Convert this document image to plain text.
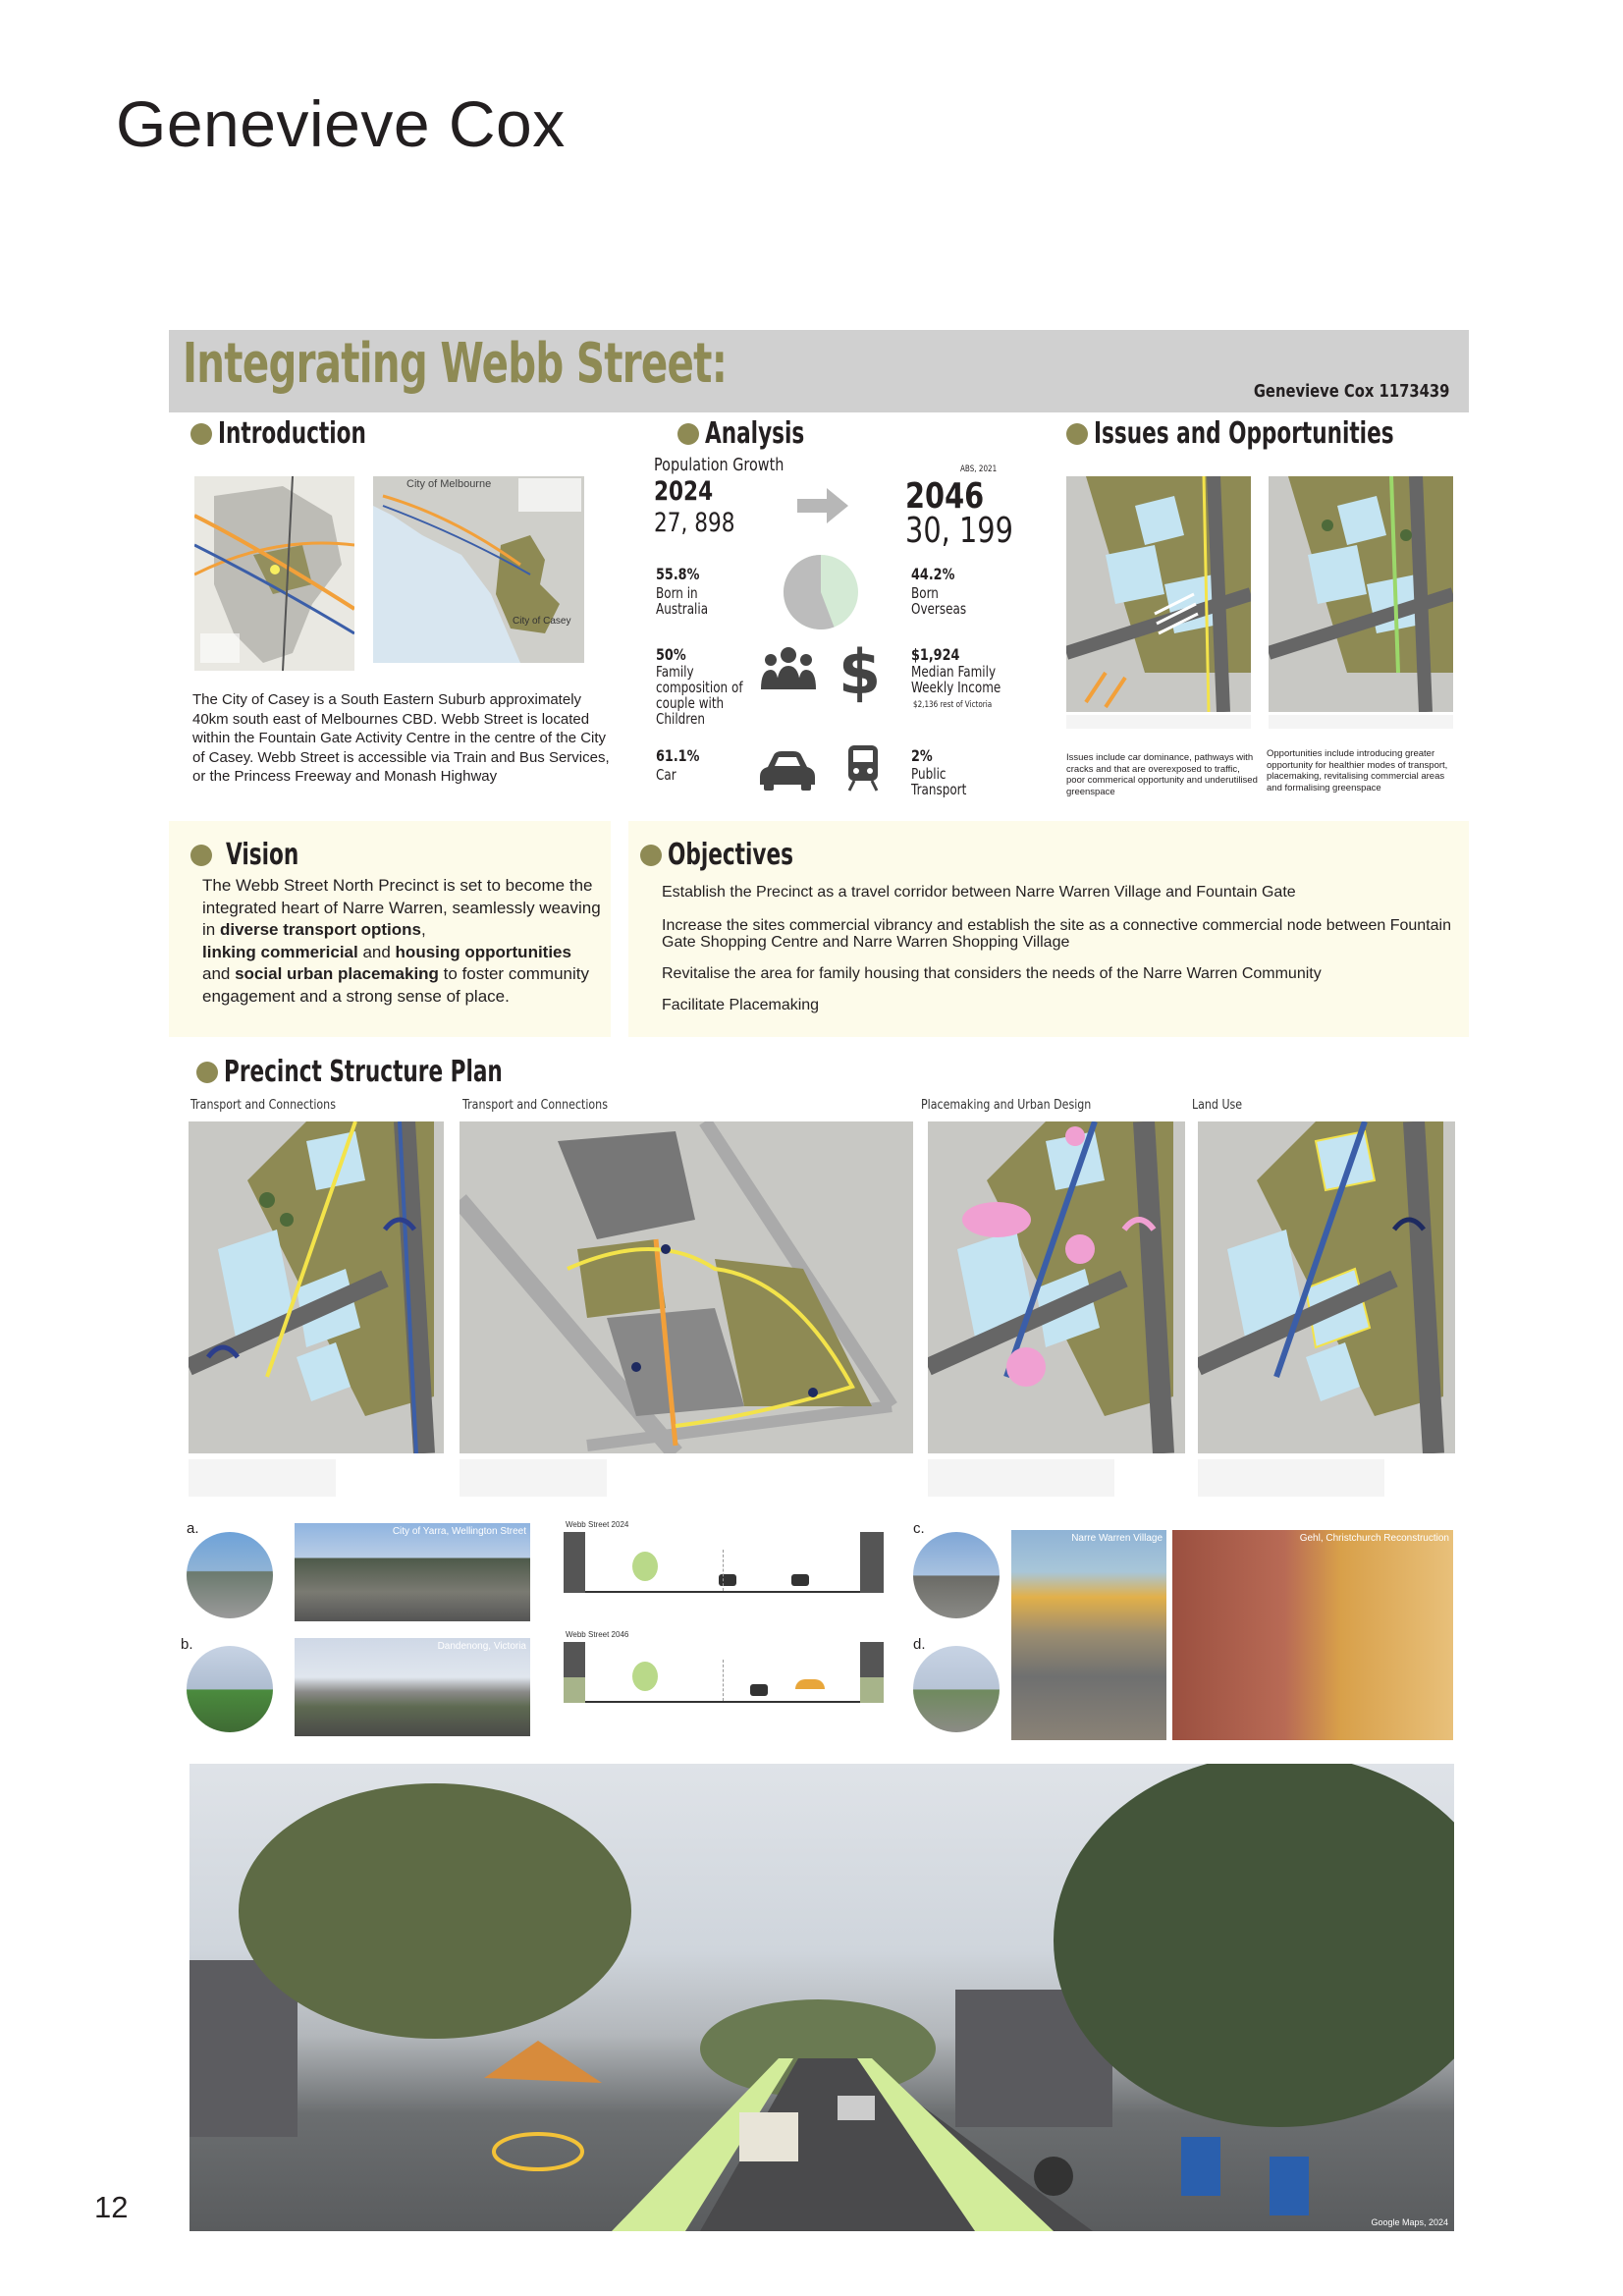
Genevieve Cox
Integrating Webb Street:	Genevieve Cox 1173439
Introduction
City of Melbourne
City of Casey
The City of Casey is a South Eastern Suburb approximately 40km south east of Melbournes CBD. Webb Street is located within the Fountain Gate Activity Centre in the centre of the City of Casey. Webb Street is accessible via Train and Bus Services, or the Princess Freeway and Monash Highway
Analysis
Population Growth	ABS, 2021
2024
27, 898
2046
30, 199
55.8%
Born in
Australia
44.2%
Born
Overseas
50%
Family
composition of
couple with
Children
$ $1,924
Median Family
Weekly Income
$2,136 rest of Victoria
61.1%
Car
2%
Public
Transport
Issues and Opportunities
Issues include car dominance, pathways with cracks and that are overexposed to traffic, poor commerical opportunity and underutilised greenspace
Opportunities include introducing greater opportunity for healthier modes of transport, placemaking, revitalising commercial areas and formalising greenspace
Vision
The Webb Street North Precinct is set to become the integrated heart of Narre Warren, seamlessly weaving in diverse transport options,
linking commericial and housing opportunities
and social urban placemaking to foster community engagement and a strong sense of place.
Objectives
Establish the Precinct as a travel corridor between Narre Warren Village and Fountain Gate
Increase the sites commercial vibrancy and establish the site as a connective commercial node between Fountain Gate Shopping Centre and Narre Warren Shopping Village
Revitalise the area for family housing that considers the needs of the Narre Warren Community
Facilitate Placemaking
Precinct Structure Plan
Transport and Connections	Transport and Connections	Placemaking and Urban Design	Land Use
a.	City of Yarra, Wellington Street
b.	Dandenong, Victoria
Webb Street 2024
Webb Street 2046
c.
d.
Narre Warren Village	Gehl, Christchurch Reconstruction
Google Maps, 2024
12
